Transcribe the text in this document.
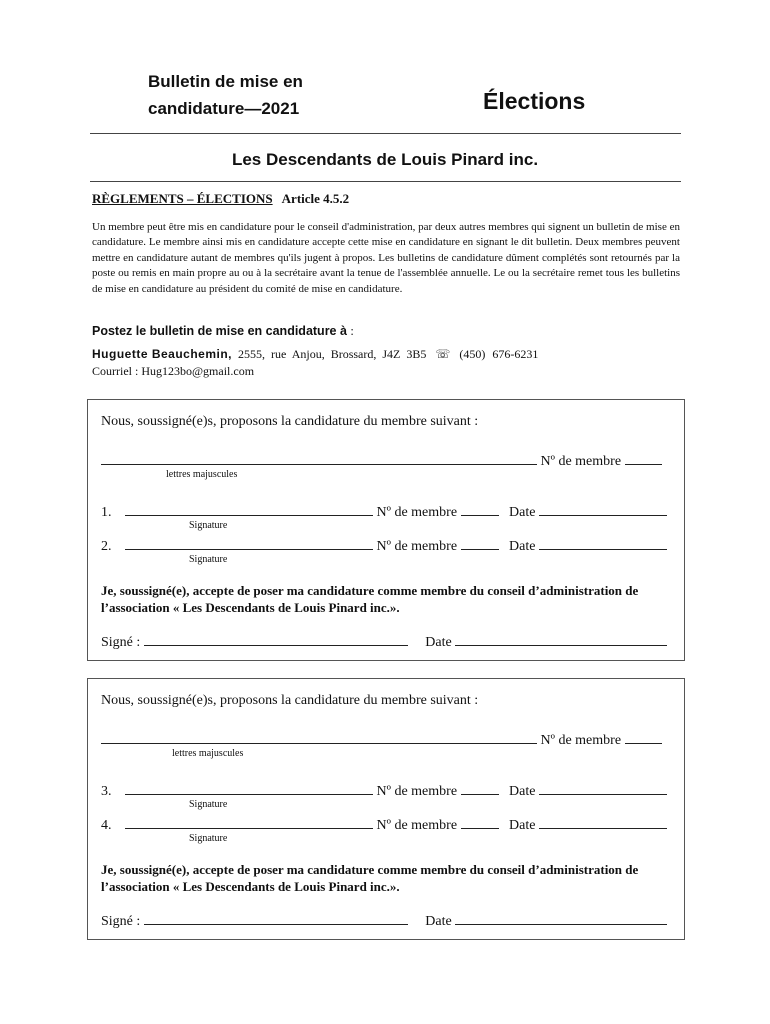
Bulletin de mise en
candidature—2021	Élections
Les Descendants de Louis Pinard inc.
RÈGLEMENTS – ÉLECTIONS Article 4.5.2
Un membre peut être mis en candidature pour le conseil d'administration, par deux autres membres qui signent un bulletin de mise en candidature. Le membre ainsi mis en candidature accepte cette mise en candidature en signant le dit bulletin. Deux membres peuvent mettre en candidature autant de membres qu'ils jugent à propos. Les bulletins de candidature dûment complétés sont retournés par la poste ou remis en main propre au ou à la secrétaire avant la tenue de l'assemblée annuelle. Le ou la secrétaire remet tous les bulletins de mise en candidature au président du comité de mise en candidature.
Postez le bulletin de mise en candidature à :
Huguette Beauchemin, 2555, rue Anjou, Brossard, J4Z 3B5 ☏ (450) 676-6231
Courriel : Hug123bo@gmail.com
Nous, soussigné(e)s, proposons la candidature du membre suivant :
Nº de membre
lettres majuscules
1.	Nº de membre	Date
Signature
2.	Nº de membre	Date
Signature
Je, soussigné(e), accepte de poser ma candidature comme membre du conseil d’administration de l’association « Les Descendants de Louis Pinard inc.».
Signé :	Date
Nous, soussigné(e)s, proposons la candidature du membre suivant :
Nº de membre
lettres majuscules
3.	Nº de membre	Date
Signature
4.	Nº de membre	Date
Signature
Je, soussigné(e), accepte de poser ma candidature comme membre du conseil d’administration de l’association « Les Descendants de Louis Pinard inc.».
Signé :	Date
